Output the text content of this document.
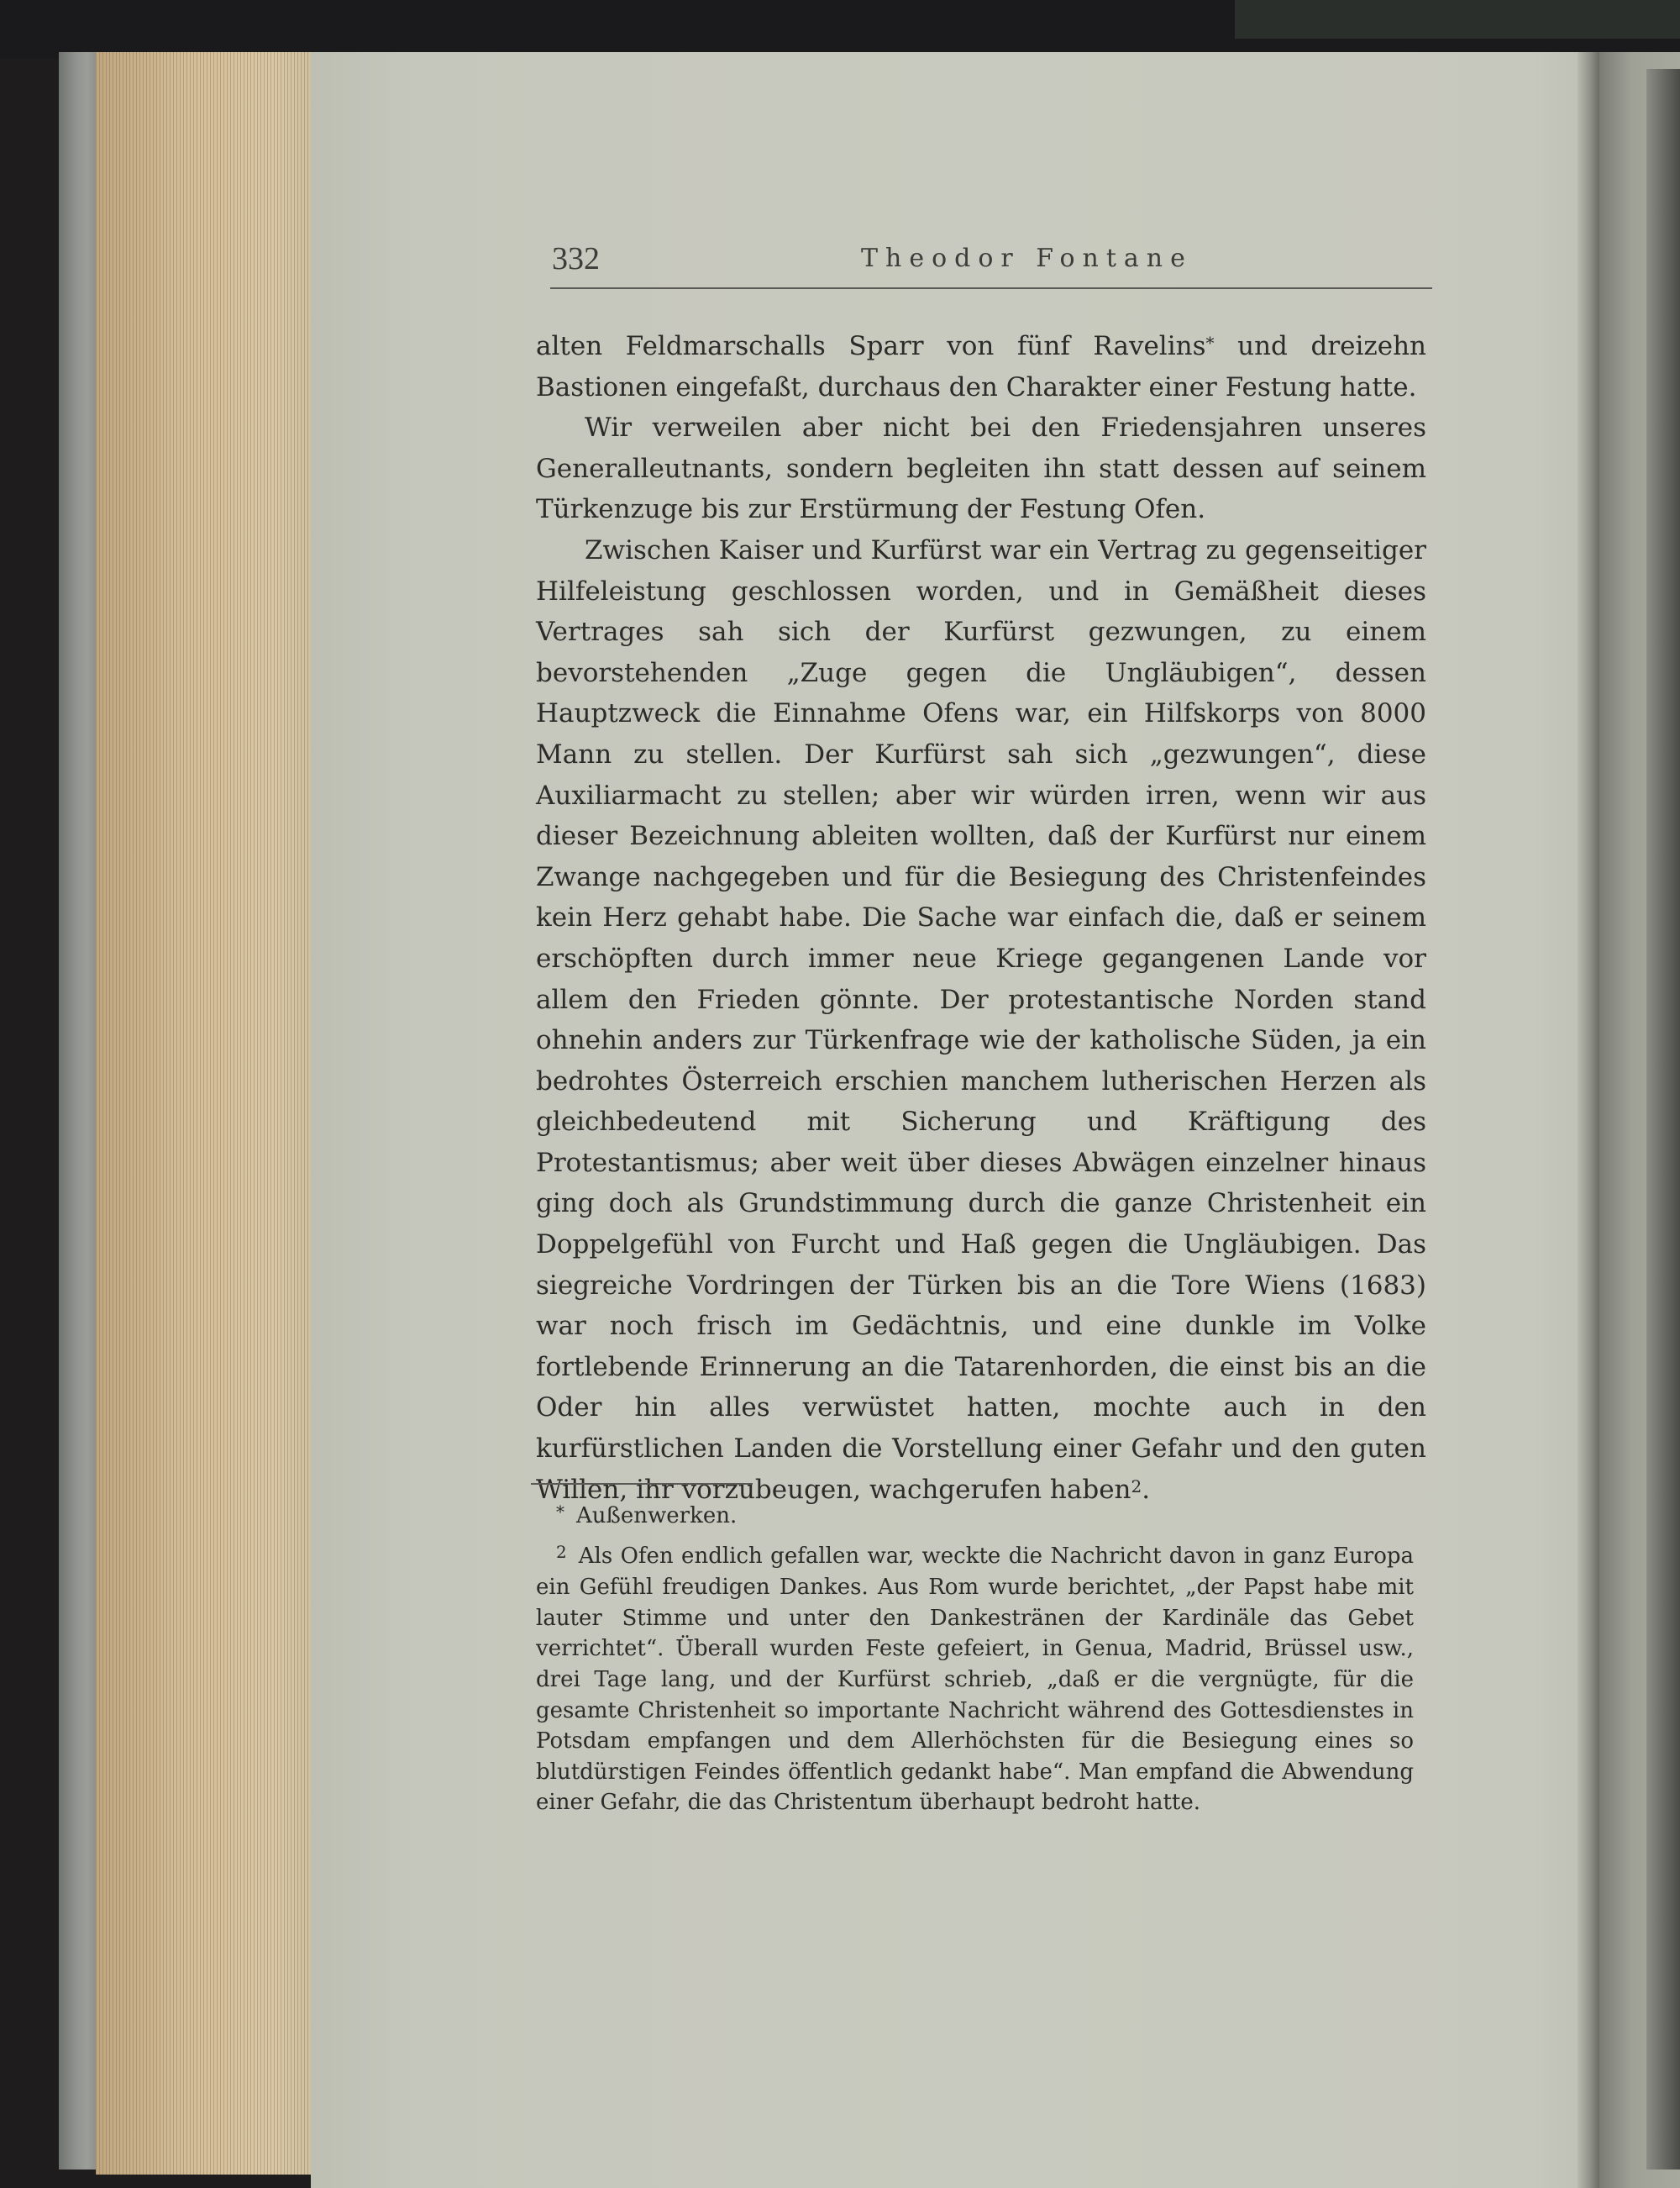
332	Theodor Fontane

alten Feldmarschalls Sparr von fünf Ravelins* und dreizehn Bastionen eingefaßt, durchaus den Charakter einer Festung hatte.

Wir verweilen aber nicht bei den Friedensjahren unseres Generalleutnants, sondern begleiten ihn statt dessen auf seinem Türkenzuge bis zur Erstürmung der Festung Ofen.

Zwischen Kaiser und Kurfürst war ein Vertrag zu gegenseitiger Hilfeleistung geschlossen worden, und in Gemäßheit dieses Vertrages sah sich der Kurfürst gezwungen, zu einem bevorstehenden „Zuge gegen die Ungläubigen“, dessen Hauptzweck die Einnahme Ofens war, ein Hilfskorps von 8000 Mann zu stellen. Der Kurfürst sah sich „gezwungen“, diese Auxiliarmacht zu stellen; aber wir würden irren, wenn wir aus dieser Bezeichnung ableiten wollten, daß der Kurfürst nur einem Zwange nachgegeben und für die Besiegung des Christenfeindes kein Herz gehabt habe. Die Sache war einfach die, daß er seinem erschöpften durch immer neue Kriege gegangenen Lande vor allem den Frieden gönnte. Der protestantische Norden stand ohnehin anders zur Türkenfrage wie der katholische Süden, ja ein bedrohtes Österreich erschien manchem lutherischen Herzen als gleichbedeutend mit Sicherung und Kräftigung des Protestantismus; aber weit über dieses Abwägen einzelner hinaus ging doch als Grundstimmung durch die ganze Christenheit ein Doppelgefühl von Furcht und Haß gegen die Ungläubigen. Das siegreiche Vordringen der Türken bis an die Tore Wiens (1683) war noch frisch im Gedächtnis, und eine dunkle im Volke fortlebende Erinnerung an die Tatarenhorden, die einst bis an die Oder hin alles verwüstet hatten, mochte auch in den kurfürstlichen Landen die Vorstellung einer Gefahr und den guten Willen, ihr vorzubeugen, wachgerufen haben$^2$.

* Außenwerken.

2 Als Ofen endlich gefallen war, weckte die Nachricht davon in ganz Europa ein Gefühl freudigen Dankes. Aus Rom wurde berichtet, „der Papst habe mit lauter Stimme und unter den Dankestränen der Kardinäle das Gebet verrichtet“. Überall wurden Feste gefeiert, in Genua, Madrid, Brüssel usw., drei Tage lang, und der Kurfürst schrieb, „daß er die vergnügte, für die gesamte Christenheit so importante Nachricht während des Gottesdienstes in Potsdam empfangen und dem Allerhöchsten für die Besiegung eines so blutdürstigen Feindes öffentlich gedankt habe“. Man empfand die Abwendung einer Gefahr, die das Christentum überhaupt bedroht hatte.
